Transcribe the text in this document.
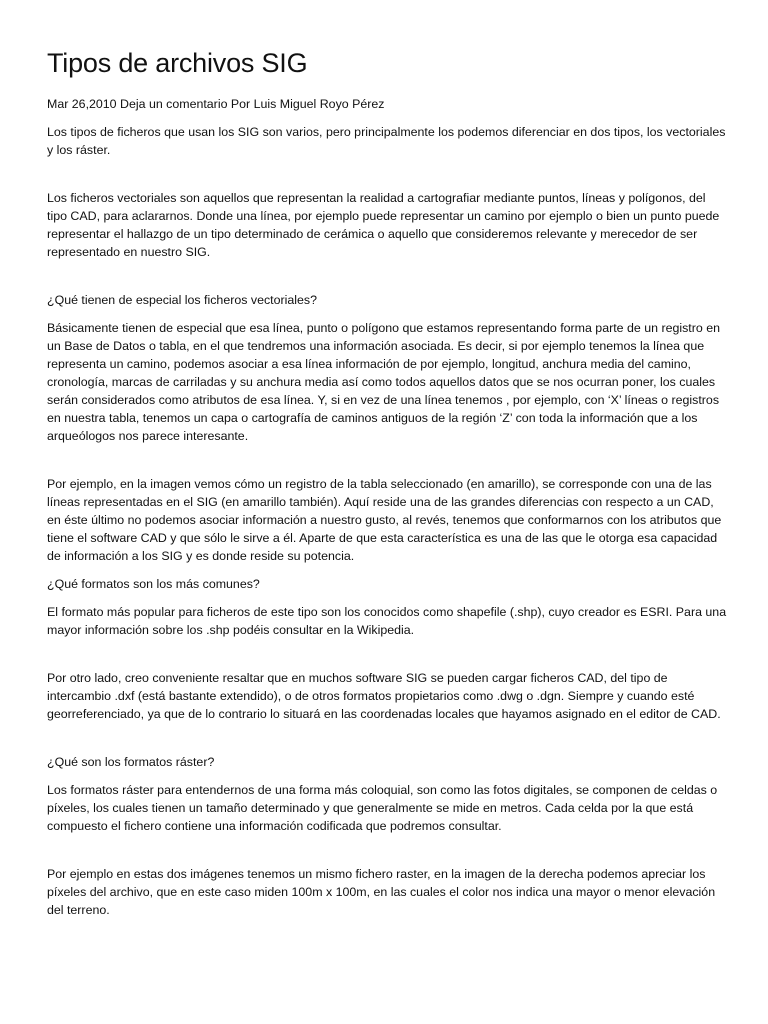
Tipos de archivos SIG

Mar 26,2010 Deja un comentario Por Luis Miguel Royo Pérez

Los tipos de ficheros que usan los SIG son varios, pero principalmente los podemos diferenciar en dos tipos, los vectoriales y los ráster.

Los ficheros vectoriales son aquellos que representan la realidad a cartografiar mediante puntos, líneas y polígonos, del tipo CAD, para aclararnos. Donde una línea, por ejemplo puede representar un camino por ejemplo o bien un punto puede representar el hallazgo de un tipo determinado de cerámica o aquello que consideremos relevante y merecedor de ser representado en nuestro SIG.

¿Qué tienen de especial los ficheros vectoriales?

Básicamente tienen de especial que esa línea, punto o polígono que estamos representando forma parte de un registro en un Base de Datos o tabla, en el que tendremos una información asociada. Es decir, si por ejemplo tenemos la línea que representa un camino, podemos asociar a esa línea información de por ejemplo, longitud, anchura media del camino, cronología, marcas de carriladas y su anchura media así como todos aquellos datos que se nos ocurran poner, los cuales serán considerados como atributos de esa línea. Y, si en vez de una línea tenemos , por ejemplo, con ‘X’ líneas o registros en nuestra tabla, tenemos un capa o cartografía de caminos antiguos de la región ‘Z’ con toda la información que a los arqueólogos nos parece interesante.

Por ejemplo, en la imagen vemos cómo un registro de la tabla seleccionado (en amarillo), se corresponde con una de las líneas representadas en el SIG (en amarillo también). Aquí reside una de las grandes diferencias con respecto a un CAD, en éste último no podemos asociar información a nuestro gusto, al revés, tenemos que conformarnos con los atributos que tiene el software CAD y que sólo le sirve a él. Aparte de que esta característica es una de las que le otorga esa capacidad de información a los SIG y es donde reside su potencia.

¿Qué formatos son los más comunes?

El formato más popular para ficheros de este tipo son los conocidos como shapefile (.shp), cuyo creador es ESRI. Para una mayor información sobre los .shp podéis consultar en la Wikipedia.

Por otro lado, creo conveniente resaltar que en muchos software SIG se pueden cargar ficheros CAD, del tipo de intercambio .dxf (está bastante extendido), o de otros formatos propietarios como .dwg o .dgn. Siempre y cuando esté georreferenciado, ya que de lo contrario lo situará en las coordenadas locales que hayamos asignado en el editor de CAD.

¿Qué son los formatos ráster?

Los formatos ráster para entendernos de una forma más coloquial, son como las fotos digitales, se componen de celdas o píxeles, los cuales tienen un tamaño determinado y que generalmente se mide en metros. Cada celda por la que está compuesto el fichero contiene una información codificada que podremos consultar.

Por ejemplo en estas dos imágenes tenemos un mismo fichero raster, en la imagen de la derecha podemos apreciar los píxeles del archivo, que en este caso miden 100m x 100m, en las cuales el color nos indica una mayor o menor elevación del terreno.
